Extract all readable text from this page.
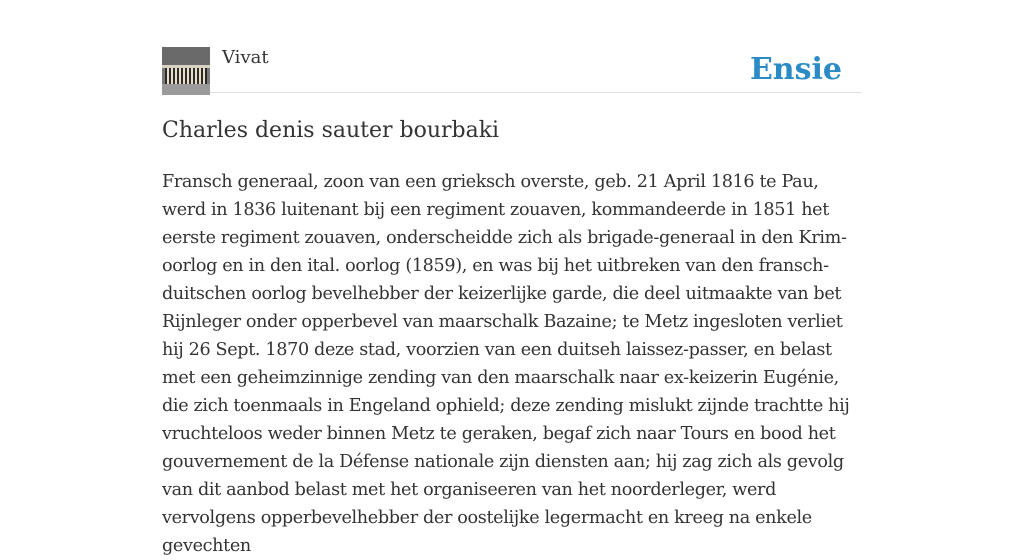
Vivat	Ensie
Charles denis sauter bourbaki

Fransch generaal, zoon van een grieksch overste, geb. 21 April 1816 te Pau, werd in 1836 luitenant bij een regiment zouaven, kommandeerde in 1851 het eerste regiment zouaven, onderscheidde zich als brigade-generaal in den Krim-oorlog en in den ital. oorlog (1859), en was bij het uitbreken van den fransch-duitschen oorlog bevelhebber der keizerlijke garde, die deel uitmaakte van bet Rijnleger onder opperbevel van maarschalk Bazaine; te Metz ingesloten verliet hij 26 Sept. 1870 deze stad, voorzien van een duitseh laissez-passer, en belast met een geheimzinnige zending van den maarschalk naar ex-keizerin Eugénie, die zich toenmaals in Engeland ophield; deze zending mislukt zijnde trachtte hij vruchteloos weder binnen Metz te geraken, begaf zich naar Tours en bood het gouvernement de la Défense nationale zijn diensten aan; hij zag zich als gevolg van dit aanbod belast met het organiseeren van het noorderleger, werd vervolgens opperbevelhebber der oostelijke legermacht en kreeg na enkele gevechten
